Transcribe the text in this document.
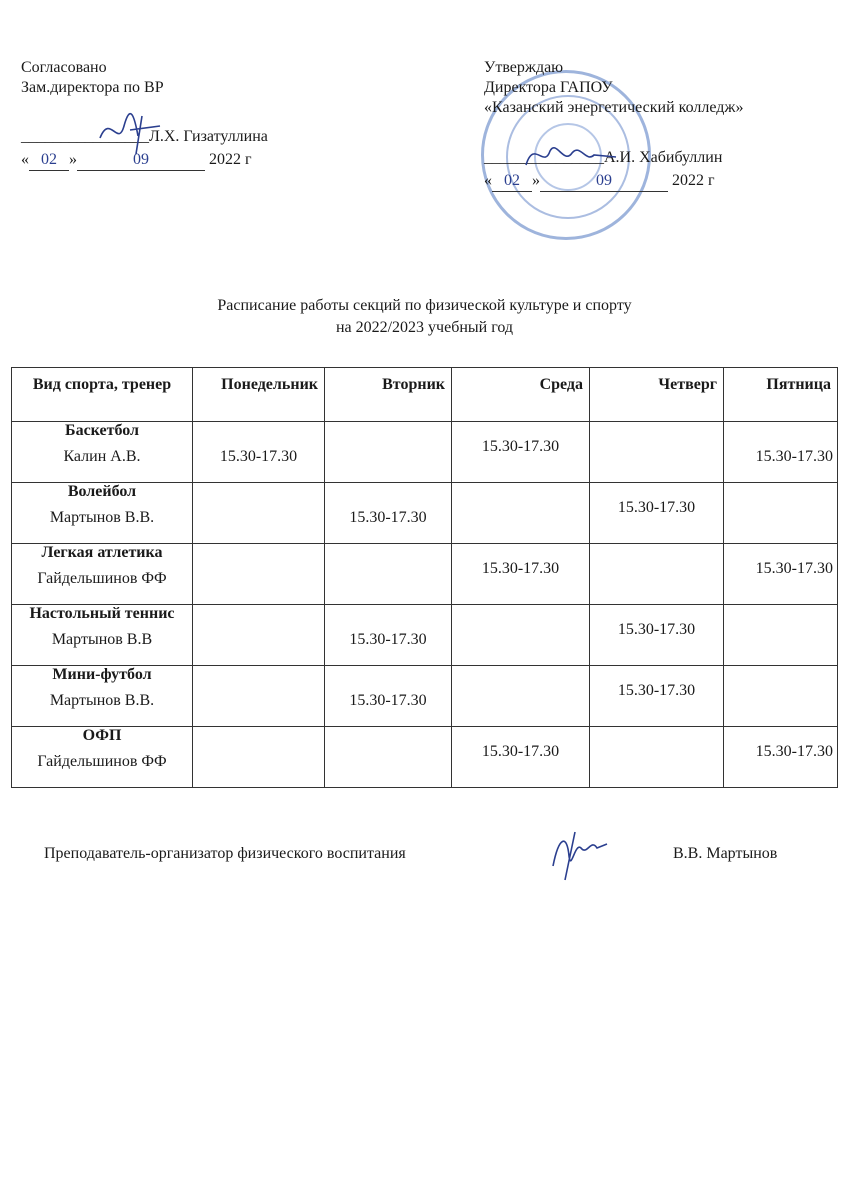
Согласовано
Зам.директора по ВР
________________Л.Х. Гизатуллина
« 02 »	09	2022 г
Утверждаю
Директора ГАПОУ
«Казанский энергетический колледж»
_______________А.И. Хабибуллин
« 02 »	09	2022 г
Расписание работы секций по физической культуре и спорту
на 2022/2023 учебный год
Вид спорта, тренер	Понедельник	Вторник	Среда	Четверг	Пятница

Баскетбол
Калин А.В.	15.30-17.30		15.30-17.30		15.30-17.30

Волейбол
Мартынов В.В.		15.30-17.30		15.30-17.30	

Легкая атлетика
Гайдельшинов ФФ			15.30-17.30		15.30-17.30

Настольный теннис
Мартынов В.В		15.30-17.30		15.30-17.30	

Мини-футбол
Мартынов В.В.		15.30-17.30		15.30-17.30	

ОФП
Гайдельшинов ФФ			15.30-17.30		15.30-17.30
Преподаватель-организатор физического воспитания	В.В. Мартынов
